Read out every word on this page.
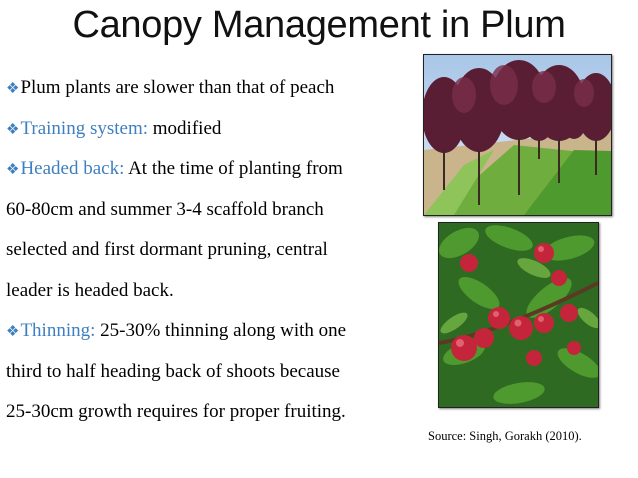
Canopy Management in Plum
❖Plum plants are slower than that of peach
❖Training system: modified
❖Headed back: At the time of planting from
60-80cm and summer 3-4 scaffold branch
selected and first dormant pruning, central
leader is headed back.
❖Thinning: 25-30% thinning along with one
third to half heading back of shoots because
25-30cm growth requires for proper fruiting.
Source: Singh, Gorakh (2010).
